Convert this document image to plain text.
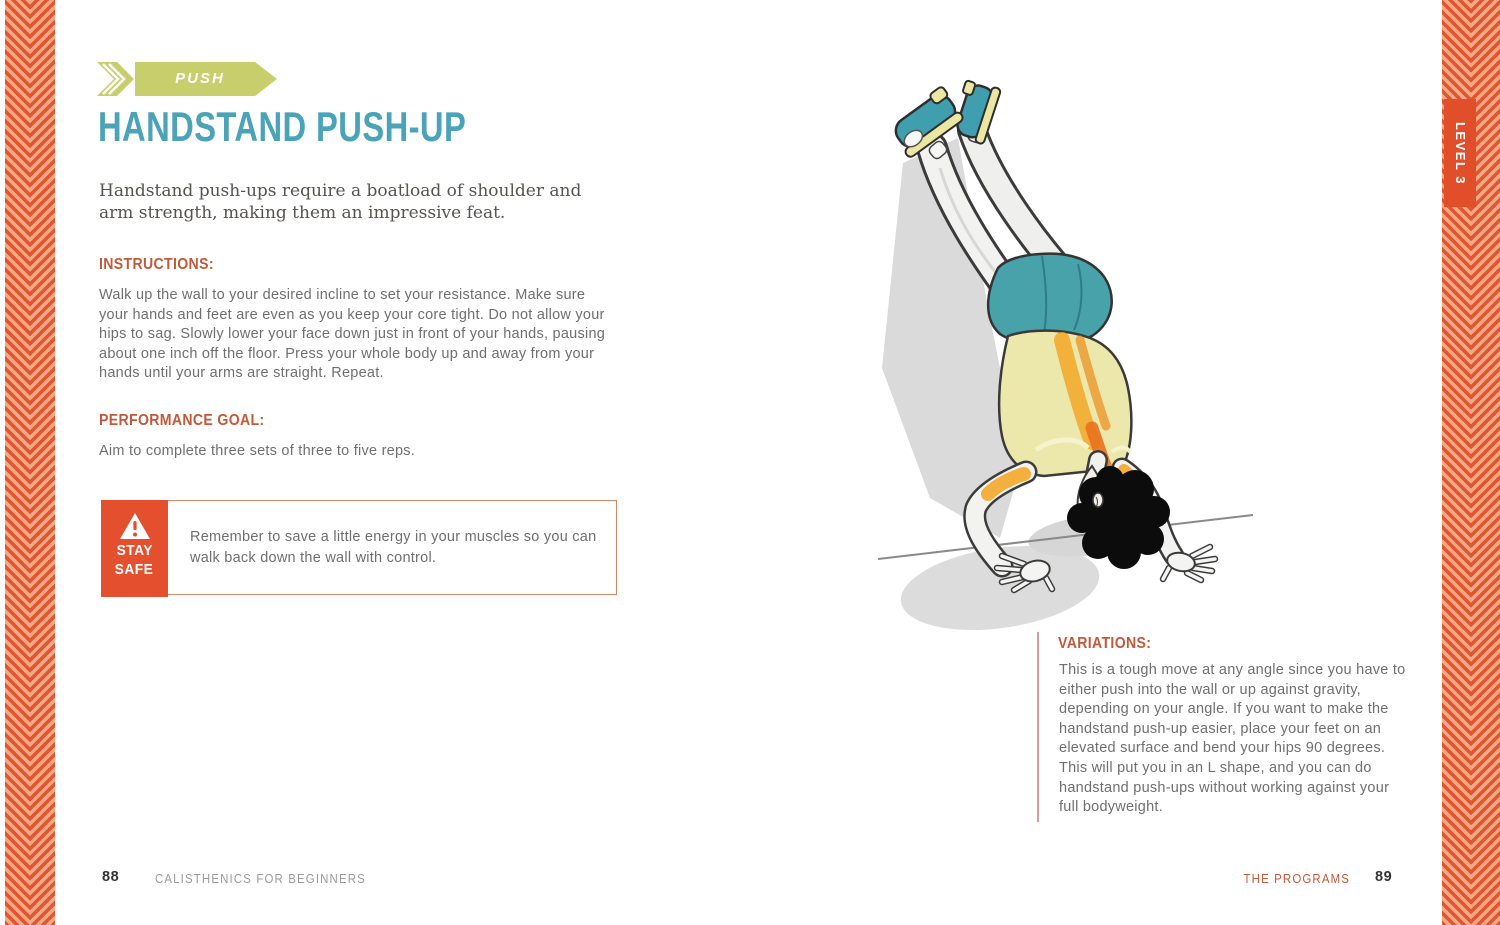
LEVEL 3
PUSH
HANDSTAND PUSH-UP
Handstand push-ups require a boatload of shoulder and arm strength, making them an impressive feat.
INSTRUCTIONS:
Walk up the wall to your desired incline to set your resistance. Make sure your hands and feet are even as you keep your core tight. Do not allow your hips to sag. Slowly lower your face down just in front of your hands, pausing about one inch off the floor. Press your whole body up and away from your hands until your arms are straight. Repeat.
PERFORMANCE GOAL:
Aim to complete three sets of three to five reps.
STAY
SAFE
Remember to save a little energy in your muscles so you can walk back down the wall with control.
VARIATIONS:
This is a tough move at any angle since you have to either push into the wall or up against gravity, depending on your angle. If you want to make the handstand push-up easier, place your feet on an elevated surface and bend your hips 90 degrees. This will put you in an L shape, and you can do handstand push-ups without working against your full bodyweight.
88	CALISTHENICS FOR BEGINNERS	THE PROGRAMS 89
